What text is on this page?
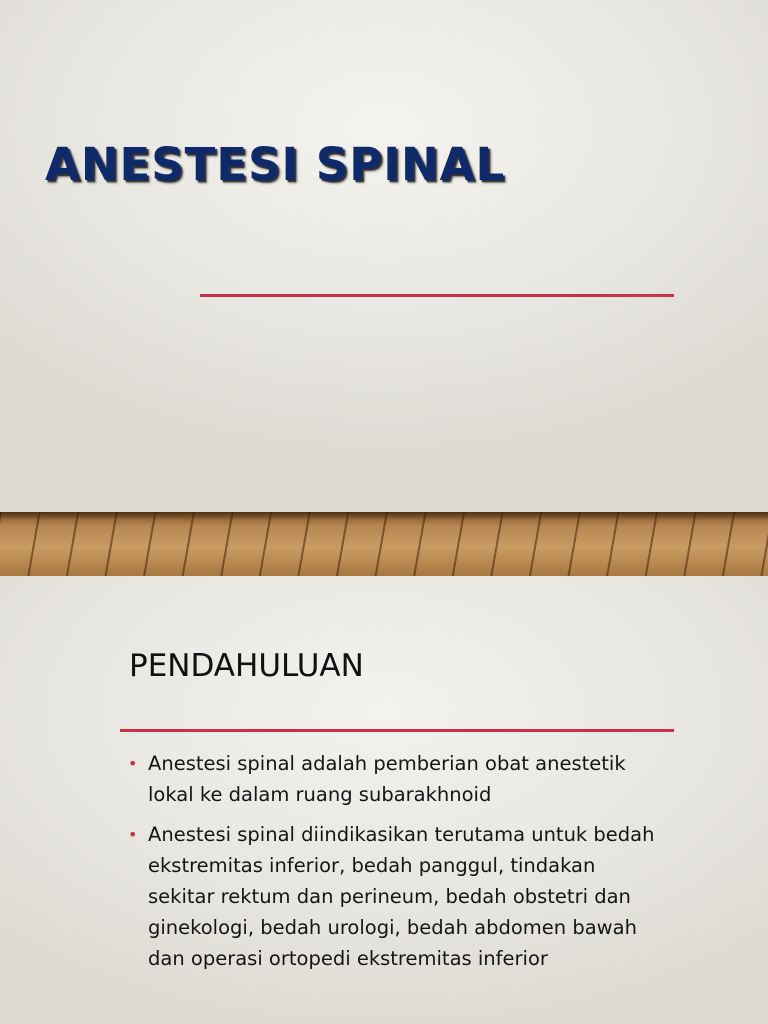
ANESTESI SPINAL
PENDAHULUAN
• Anestesi spinal adalah pemberian obat anestetik lokal ke dalam ruang subarakhnoid
• Anestesi spinal diindikasikan terutama untuk bedah ekstremitas inferior, bedah panggul, tindakan sekitar rektum dan perineum, bedah obstetri dan ginekologi, bedah urologi, bedah abdomen bawah dan operasi ortopedi ekstremitas inferior
